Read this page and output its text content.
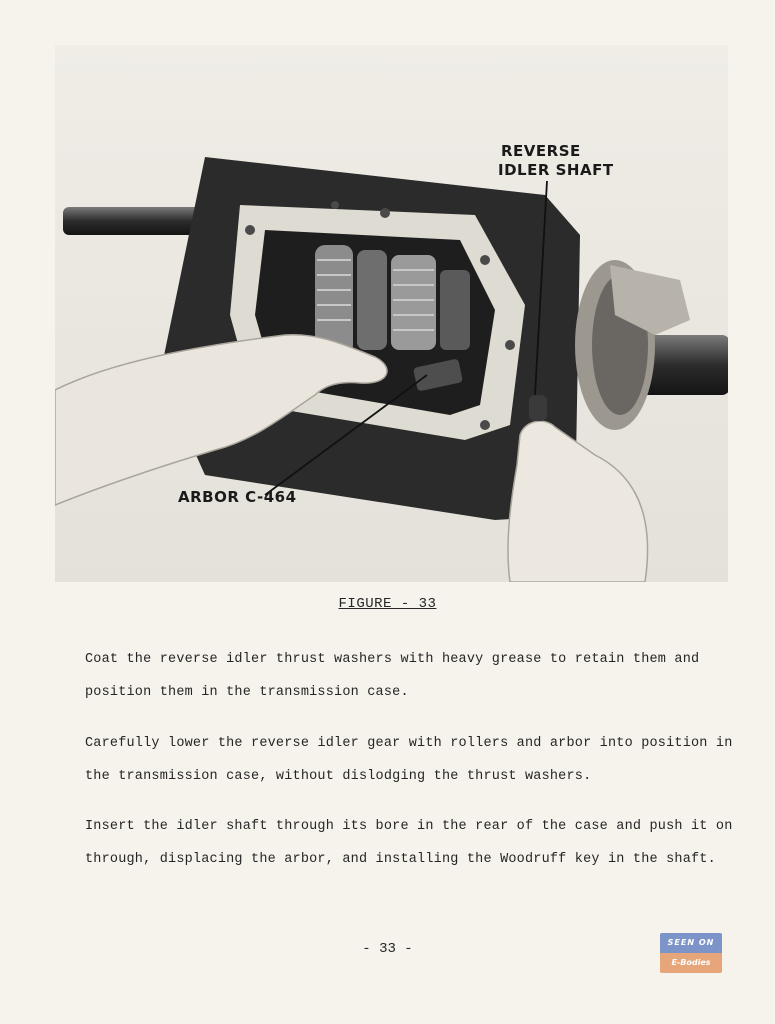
REVERSE
IDLER SHAFT
ARBOR C-464
FIGURE - 33

Coat the reverse idler thrust washers with heavy grease to retain them and position them in the transmission case.

Carefully lower the reverse idler gear with rollers and arbor into position in the transmission case, without dislodging the thrust washers.

Insert the idler shaft through its bore in the rear of the case and push it on through, displacing the arbor, and installing the Woodruff key in the shaft.

- 33 -	SEEN ON
E-Bodies
